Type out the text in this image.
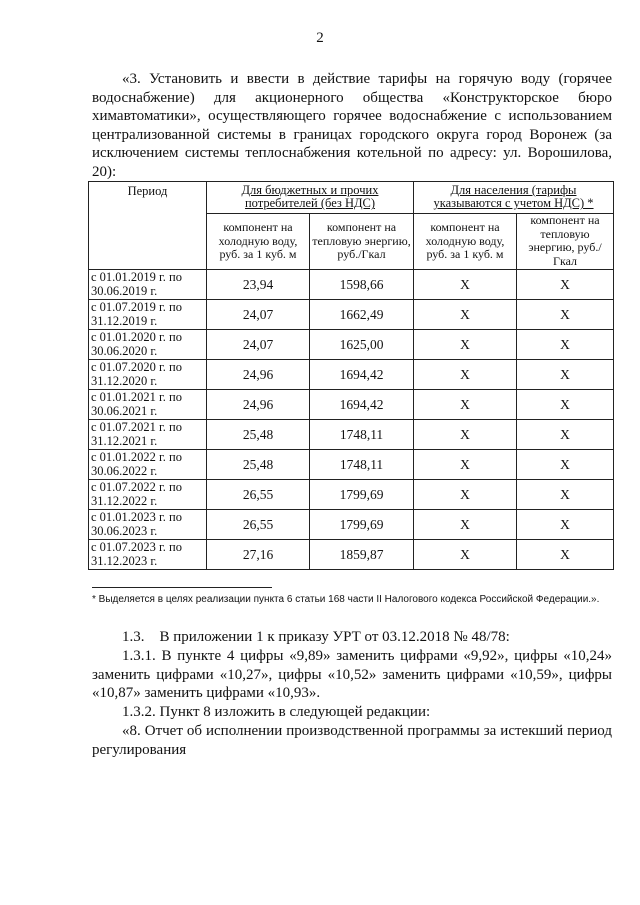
2
«3. Установить и ввести в действие тарифы на горячую воду (горячее водоснабжение) для акционерного общества «Конструкторское бюро химавтоматики», осуществляющего горячее водоснабжение с использованием централизованной системы в границах городского округа город Воронеж (за исключением системы теплоснабжения котельной по адресу: ул. Ворошилова, 20):
Период	Для бюджетных и прочих потребителей (без НДС)		Для населения (тарифы указываются с учетом НДС) *	
	компонент на холодную воду, руб. за 1 куб. м	компонент на тепловую энергию, руб./Гкал	компонент на холодную воду, руб. за 1 куб. м	компонент на тепловую энергию, руб./Гкал
с 01.01.2019 г. по 30.06.2019 г.	23,94	1598,66	Х	Х
с 01.07.2019 г. по 31.12.2019 г.	24,07	1662,49	Х	Х
с 01.01.2020 г. по 30.06.2020 г.	24,07	1625,00	Х	Х
с 01.07.2020 г. по 31.12.2020 г.	24,96	1694,42	Х	Х
с 01.01.2021 г. по 30.06.2021 г.	24,96	1694,42	Х	Х
с 01.07.2021 г. по 31.12.2021 г.	25,48	1748,11	Х	Х
с 01.01.2022 г. по 30.06.2022 г.	25,48	1748,11	Х	Х
с 01.07.2022 г. по 31.12.2022 г.	26,55	1799,69	Х	Х
с 01.01.2023 г. по 30.06.2023 г.	26,55	1799,69	Х	Х
с 01.07.2023 г. по 31.12.2023 г.	27,16	1859,87	Х	Х
* Выделяется в целях реализации пункта 6 статьи 168 части II Налогового кодекса Российской Федерации.».
1.3.    В приложении 1 к приказу УРТ от 03.12.2018 № 48/78:
1.3.1. В пункте 4 цифры «9,89» заменить цифрами «9,92», цифры «10,24» заменить цифрами «10,27», цифры «10,52» заменить цифрами «10,59», цифры «10,87» заменить цифрами «10,93».
1.3.2. Пункт 8 изложить в следующей редакции:
«8. Отчет об исполнении производственной программы за истекший период регулирования
